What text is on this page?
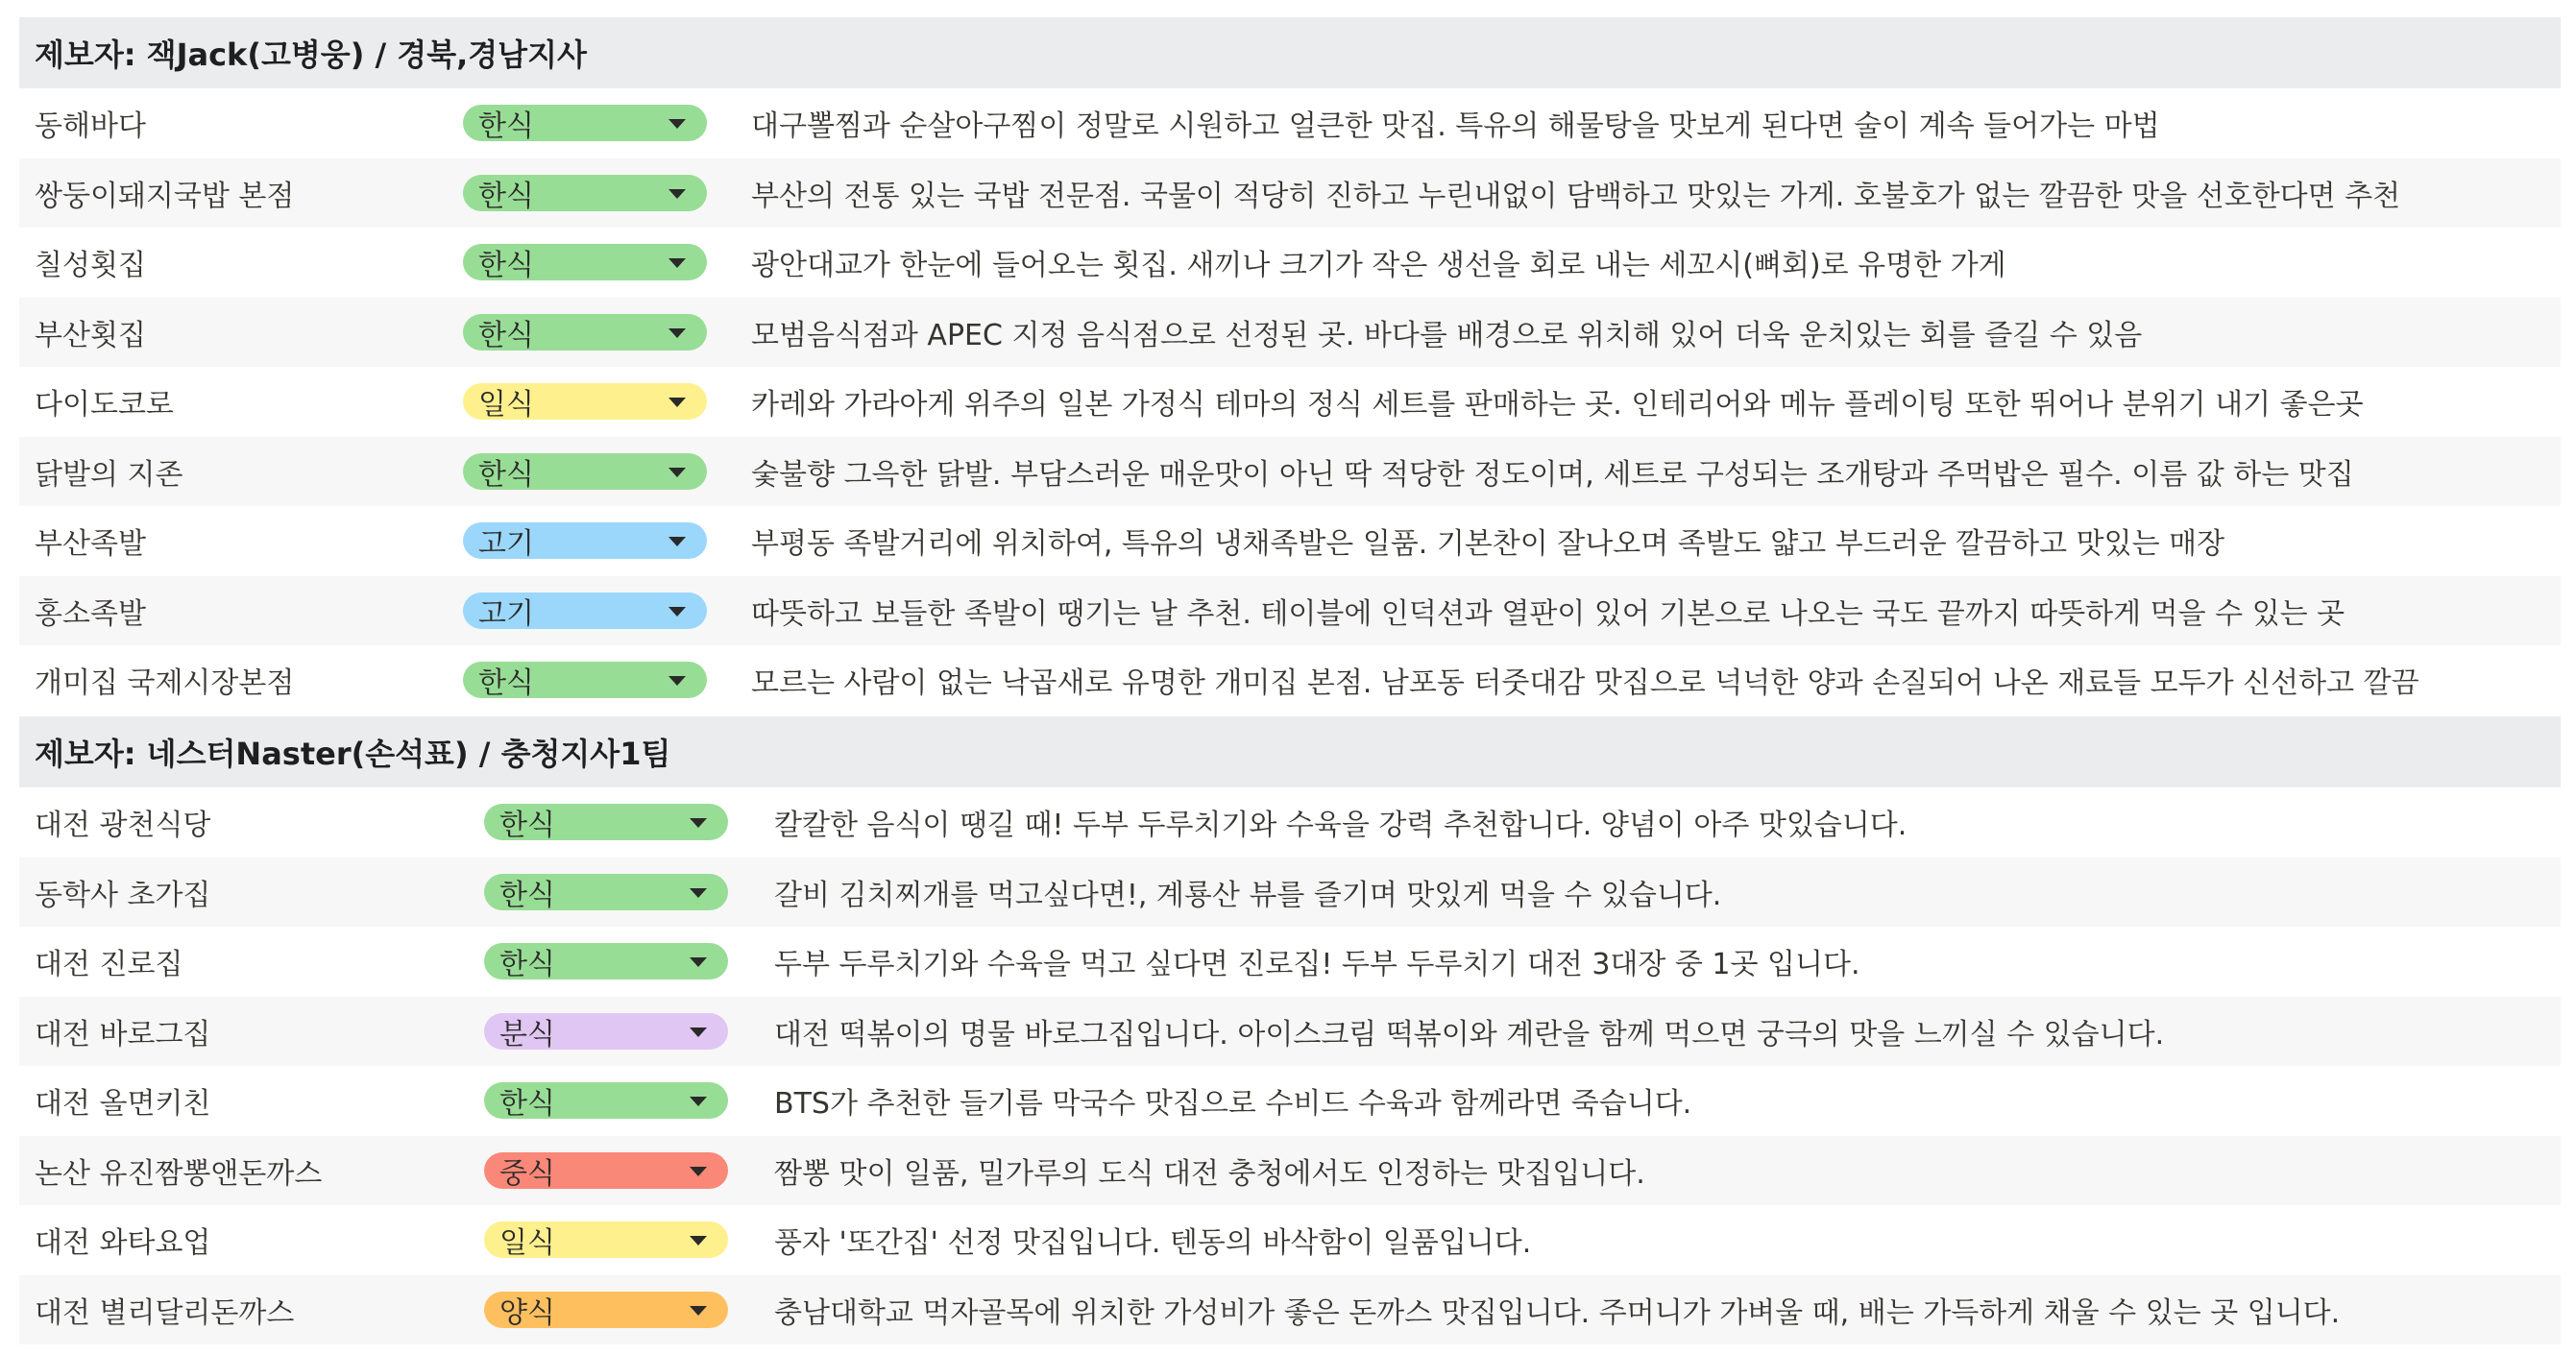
제보자: 잭Jack(고병웅) / 경북,경남지사
동해바다	한식	대구뽈찜과 순살아구찜이 정말로 시원하고 얼큰한 맛집. 특유의 해물탕을 맛보게 된다면 술이 계속 들어가는 마법
쌍둥이돼지국밥 본점	한식	부산의 전통 있는 국밥 전문점. 국물이 적당히 진하고 누린내없이 담백하고 맛있는 가게. 호불호가 없는 깔끔한 맛을 선호한다면 추천
칠성횟집	한식	광안대교가 한눈에 들어오는 횟집. 새끼나 크기가 작은 생선을 회로 내는 세꼬시(뼈회)로 유명한 가게
부산횟집	한식	모범음식점과 APEC 지정 음식점으로 선정된 곳. 바다를 배경으로 위치해 있어 더욱 운치있는 회를 즐길 수 있음
다이도코로	일식	카레와 가라아게 위주의 일본 가정식 테마의 정식 세트를 판매하는 곳. 인테리어와 메뉴 플레이팅 또한 뛰어나 분위기 내기 좋은곳
닭발의 지존	한식	숯불향 그윽한 닭발. 부담스러운 매운맛이 아닌 딱 적당한 정도이며, 세트로 구성되는 조개탕과 주먹밥은 필수. 이름 값 하는 맛집
부산족발	고기	부평동 족발거리에 위치하여, 특유의 냉채족발은 일품. 기본찬이 잘나오며 족발도 얇고 부드러운 깔끔하고 맛있는 매장
홍소족발	고기	따뜻하고 보들한 족발이 땡기는 날 추천. 테이블에 인덕션과 열판이 있어 기본으로 나오는 국도 끝까지 따뜻하게 먹을 수 있는 곳
개미집 국제시장본점	한식	모르는 사람이 없는 낙곱새로 유명한 개미집 본점. 남포동 터줏대감 맛집으로 넉넉한 양과 손질되어 나온 재료들 모두가 신선하고 깔끔
제보자: 네스터Naster(손석표) / 충청지사1팀
대전 광천식당	한식	칼칼한 음식이 땡길 때! 두부 두루치기와 수육을 강력 추천합니다. 양념이 아주 맛있습니다.
동학사 초가집	한식	갈비 김치찌개를 먹고싶다면!, 계룡산 뷰를 즐기며 맛있게 먹을 수 있습니다.
대전 진로집	한식	두부 두루치기와 수육을 먹고 싶다면 진로집! 두부 두루치기 대전 3대장 중 1곳 입니다.
대전 바로그집	분식	대전 떡볶이의 명물 바로그집입니다. 아이스크림 떡볶이와 계란을 함께 먹으면 궁극의 맛을 느끼실 수 있습니다.
대전 올면키친	한식	BTS가 추천한 들기름 막국수 맛집으로 수비드 수육과 함께라면 죽습니다.
논산 유진짬뽕앤돈까스	중식	짬뽕 맛이 일품, 밀가루의 도식 대전 충청에서도 인정하는 맛집입니다.
대전 와타요업	일식	풍자 '또간집' 선정 맛집입니다. 텐동의 바삭함이 일품입니다.
대전 별리달리돈까스	양식	충남대학교 먹자골목에 위치한 가성비가 좋은 돈까스 맛집입니다. 주머니가 가벼울 때, 배는 가득하게 채울 수 있는 곳 입니다.
